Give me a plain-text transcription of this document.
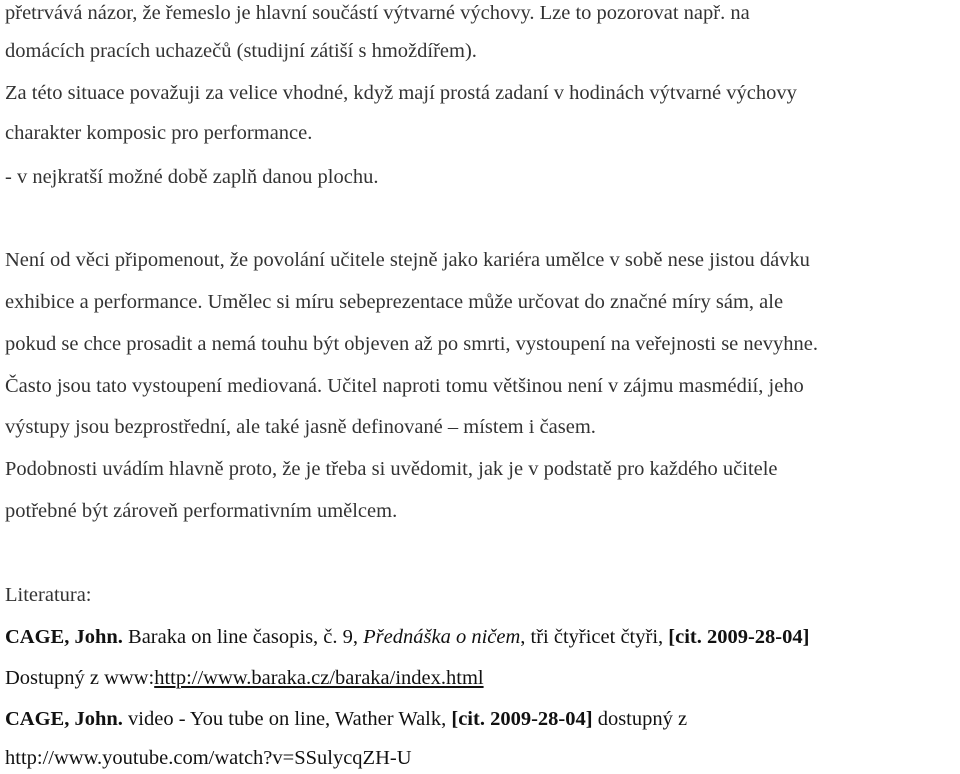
přetrvává názor, že řemeslo je hlavní součástí výtvarné výchovy. Lze to pozorovat např. na
domácích pracích uchazečů (studijní zátiší s hmoždířem).
Za této situace považuji za velice vhodné, když mají prostá zadaní v hodinách výtvarné výchovy
charakter komposic pro performance.
- v nejkratší možné době zaplň danou plochu.
Není od věci připomenout, že povolání učitele stejně jako kariéra umělce v sobě nese jistou dávku
exhibice a performance. Umělec si míru sebeprezentace může určovat do značné míry sám, ale
pokud se chce prosadit a nemá touhu být objeven až po smrti, vystoupení na veřejnosti se nevyhne.
Často jsou tato vystoupení mediovaná. Učitel naproti tomu většinou není v zájmu masmédií, jeho
výstupy jsou bezprostřední, ale také jasně definované – místem i časem.
Podobnosti uvádím hlavně proto, že je třeba si uvědomit, jak je v podstatě pro každého učitele
potřebné být zároveň performativním umělcem.
Literatura:
CAGE, John. Baraka on line časopis, č. 9, Přednáška o ničem, tři čtyřicet čtyři, [cit. 2009-28-04]
Dostupný z www:http://www.baraka.cz/baraka/index.html
CAGE, John. video - You tube on line, Wather Walk, [cit. 2009-28-04] dostupný z
http://www.youtube.com/watch?v=SSulycqZH-U
